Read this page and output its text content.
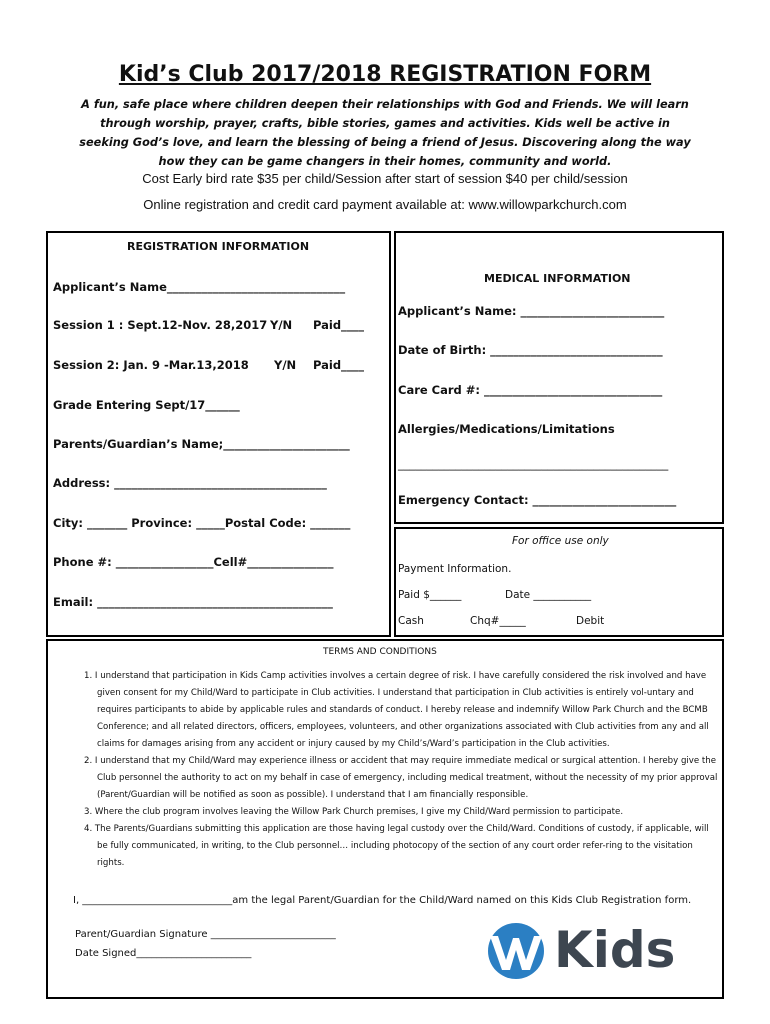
Kid’s Club 2017/2018 REGISTRATION FORM
A fun, safe place where children deepen their relationships with God and Friends. We will learn
through worship, prayer, crafts, bible stories, games and activities. Kids well be active in
seeking God’s love, and learn the blessing of being a friend of Jesus. Discovering along the way
how they can be game changers in their homes, community and world.
Cost Early bird rate $35 per child/Session after start of session $40 per child/session
Online registration and credit card payment available at: www.willowparkchurch.com
REGISTRATION INFORMATION
Applicant’s Name_______________________________
Session 1 : Sept.12-Nov. 28,2017 Y/N Paid____
Session 2: Jan. 9 -Mar.13,2018 Y/N Paid____
Grade Entering Sept/17______
Parents/Guardian’s Name;______________________
Address: _____________________________________
City: _______ Province: _____Postal Code: _______
Phone #: _________________Cell#_______________
Email: _________________________________________
MEDICAL INFORMATION
Applicant’s Name: _________________________
Date of Birth: ______________________________
Care Card #: _______________________________
Allergies/Medications/Limitations
_______________________________________________
Emergency Contact: _________________________
For office use only
Payment Information.
Paid $______	Date ___________
Cash	Chq#_____	Debit
TERMS AND CONDITIONS
1. I understand that participation in Kids Camp activities involves a certain degree of risk. I have carefully considered the risk involved and have given consent for my Child/Ward to participate in Club activities. I understand that participation in Club activities is entirely vol-untary and requires participants to abide by applicable rules and standards of conduct. I hereby release and indemnify Willow Park Church and the BCMB Conference; and all related directors, officers, employees, volunteers, and other organizations associated with Club activities from any and all claims for damages arising from any accident or injury caused by my Child’s/Ward’s participation in the Club activities.
2. I understand that my Child/Ward may experience illness or accident that may require immediate medical or surgical attention. I hereby give the Club personnel the authority to act on my behalf in case of emergency, including medical treatment, without the necessity of my prior approval (Parent/Guardian will be notified as soon as possible). I understand that I am financially responsible.
3. Where the club program involves leaving the Willow Park Church premises, I give my Child/Ward permission to participate.
4. The Parents/Guardians submitting this application are those having legal custody over the Child/Ward. Conditions of custody, if applicable, will be fully communicated, in writing, to the Club personnel… including photocopy of the section of any court order refer-ring to the visitation rights.
I, ______________________________am the legal Parent/Guardian for the Child/Ward named on this Kids Club Registration form.
Parent/Guardian Signature _________________________
Date Signed_______________________	Kids
